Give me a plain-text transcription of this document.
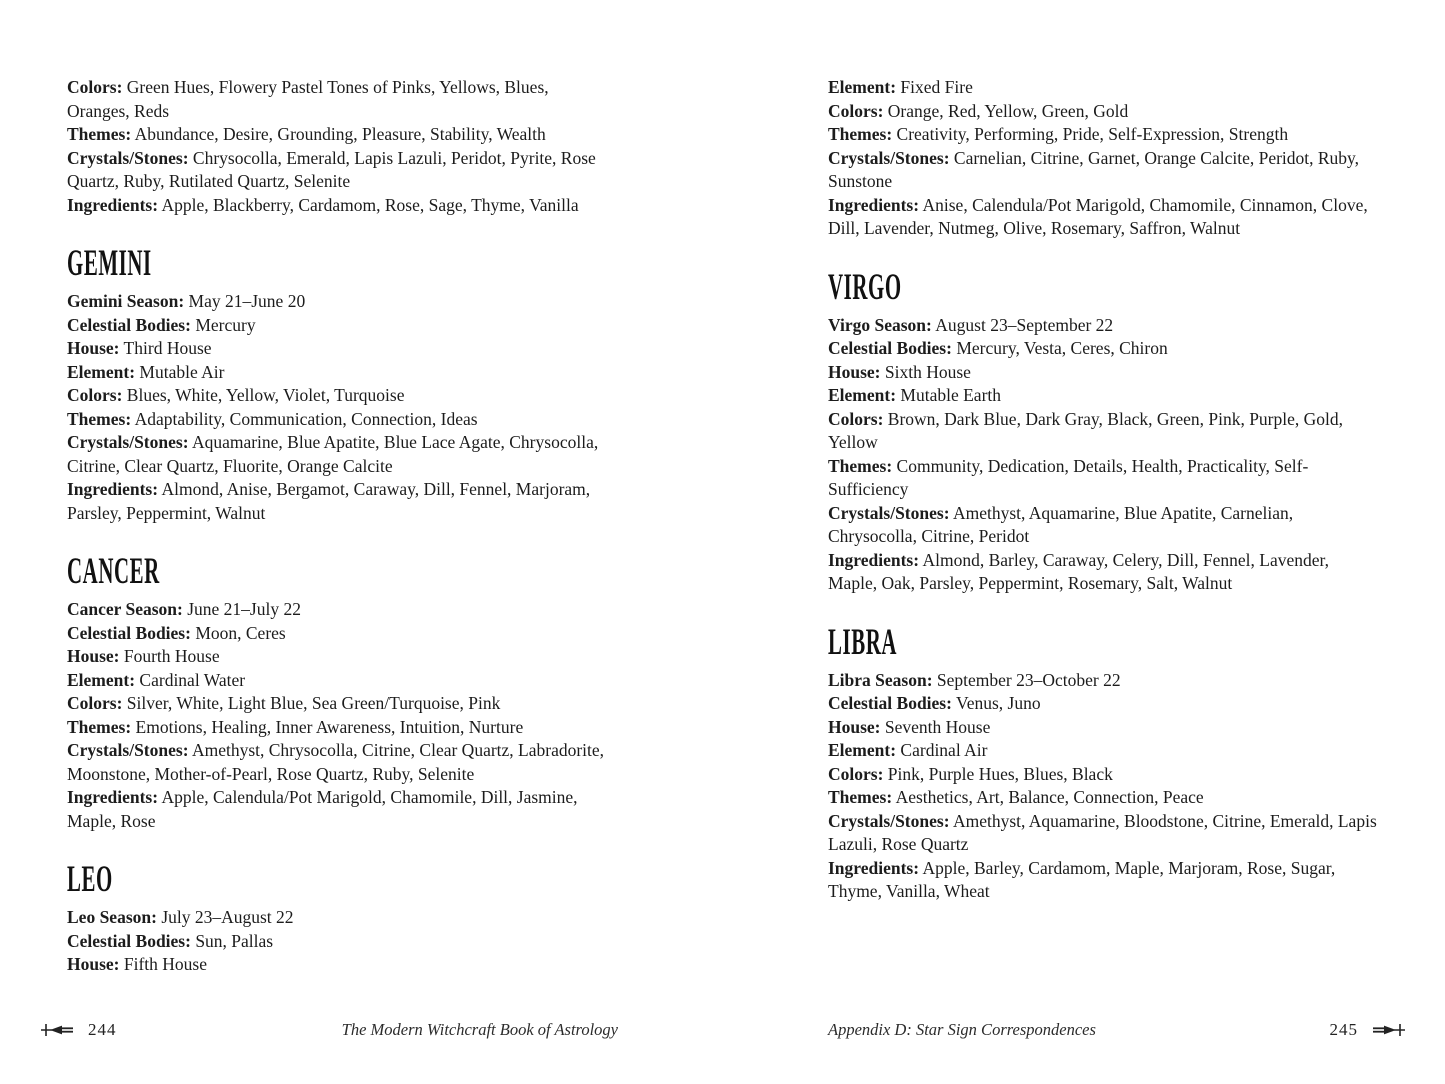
Colors: Green Hues, Flowery Pastel Tones of Pinks, Yellows, Blues, Oranges, Reds

Themes: Abundance, Desire, Grounding, Pleasure, Stability, Wealth

Crystals/Stones: Chrysocolla, Emerald, Lapis Lazuli, Peridot, Pyrite, Rose Quartz, Ruby, Rutilated Quartz, Selenite

Ingredients: Apple, Blackberry, Cardamom, Rose, Sage, Thyme, Vanilla

GEMINI

Gemini Season: May 21–June 20

Celestial Bodies: Mercury

House: Third House

Element: Mutable Air

Colors: Blues, White, Yellow, Violet, Turquoise

Themes: Adaptability, Communication, Connection, Ideas

Crystals/Stones: Aquamarine, Blue Apatite, Blue Lace Agate, Chrysocolla, Citrine, Clear Quartz, Fluorite, Orange Calcite

Ingredients: Almond, Anise, Bergamot, Caraway, Dill, Fennel, Marjoram, Parsley, Peppermint, Walnut

CANCER

Cancer Season: June 21–July 22

Celestial Bodies: Moon, Ceres

House: Fourth House

Element: Cardinal Water

Colors: Silver, White, Light Blue, Sea Green/Turquoise, Pink

Themes: Emotions, Healing, Inner Awareness, Intuition, Nurture

Crystals/Stones: Amethyst, Chrysocolla, Citrine, Clear Quartz, Labradorite, Moonstone, Mother-of-Pearl, Rose Quartz, Ruby, Selenite

Ingredients: Apple, Calendula/Pot Marigold, Chamomile, Dill, Jasmine, Maple, Rose

LEO

Leo Season: July 23–August 22

Celestial Bodies: Sun, Pallas

House: Fifth House

244	The Modern Witchcraft Book of Astrology

Element: Fixed Fire

Colors: Orange, Red, Yellow, Green, Gold

Themes: Creativity, Performing, Pride, Self-Expression, Strength

Crystals/Stones: Carnelian, Citrine, Garnet, Orange Calcite, Peridot, Ruby, Sunstone

Ingredients: Anise, Calendula/Pot Marigold, Chamomile, Cinnamon, Clove, Dill, Lavender, Nutmeg, Olive, Rosemary, Saffron, Walnut

VIRGO

Virgo Season: August 23–September 22

Celestial Bodies: Mercury, Vesta, Ceres, Chiron

House: Sixth House

Element: Mutable Earth

Colors: Brown, Dark Blue, Dark Gray, Black, Green, Pink, Purple, Gold, Yellow

Themes: Community, Dedication, Details, Health, Practicality, Self-Sufficiency

Crystals/Stones: Amethyst, Aquamarine, Blue Apatite, Carnelian, Chrysocolla, Citrine, Peridot

Ingredients: Almond, Barley, Caraway, Celery, Dill, Fennel, Lavender, Maple, Oak, Parsley, Peppermint, Rosemary, Salt, Walnut

LIBRA

Libra Season: September 23–October 22

Celestial Bodies: Venus, Juno

House: Seventh House

Element: Cardinal Air

Colors: Pink, Purple Hues, Blues, Black

Themes: Aesthetics, Art, Balance, Connection, Peace

Crystals/Stones: Amethyst, Aquamarine, Bloodstone, Citrine, Emerald, Lapis Lazuli, Rose Quartz

Ingredients: Apple, Barley, Cardamom, Maple, Marjoram, Rose, Sugar, Thyme, Vanilla, Wheat

Appendix D: Star Sign Correspondences	245
